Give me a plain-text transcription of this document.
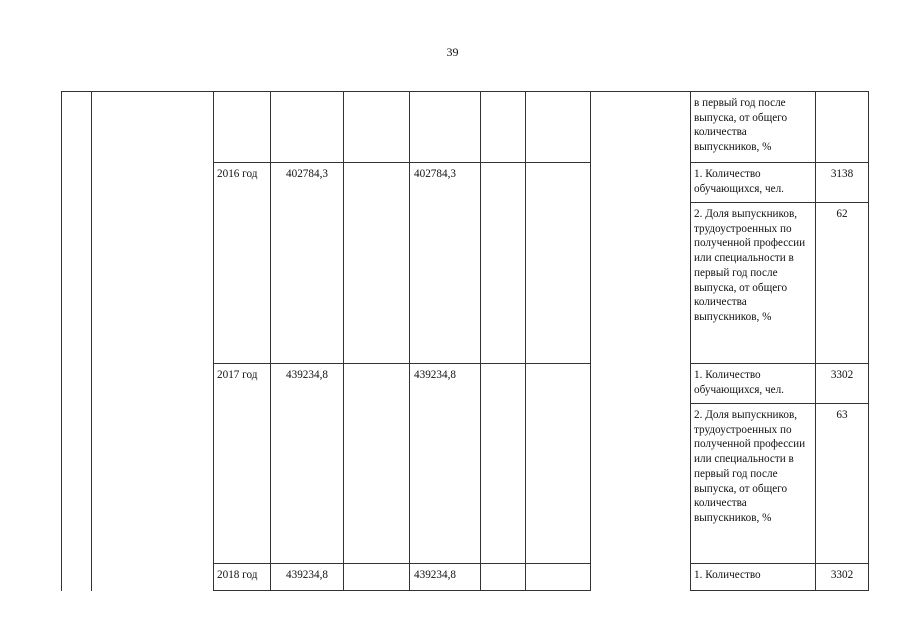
39
									в первый год после выпуска, от общего количества выпускников, %	
		2016 год	402784,3		402784,3				1. Количество обучающихся, чел.	3138
									2. Доля выпускников, трудоустроенных по полученной профессии или специальности в первый год после выпуска, от общего количества выпускников, %	62
		2017 год	439234,8		439234,8				1. Количество обучающихся, чел.	3302
									2. Доля выпускников, трудоустроенных по полученной профессии или специальности в первый год после выпуска, от общего количества выпускников, %	63
		2018 год	439234,8		439234,8				1. Количество	3302
